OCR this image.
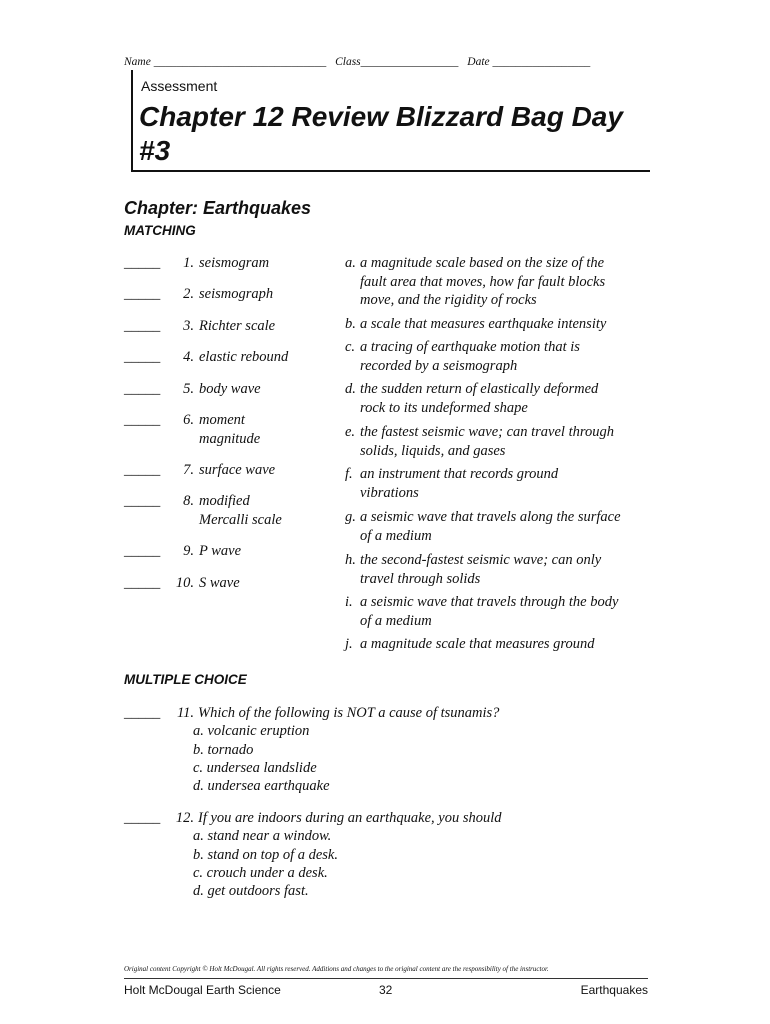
Name ______________________________ Class_________________ Date _________________
Assessment
Chapter 12 Review Blizzard Bag Day #3
Chapter: Earthquakes
MATCHING
_____ 1. seismogram
_____ 2. seismograph
_____ 3. Richter scale
_____ 4. elastic rebound
_____ 5. body wave
_____ 6. moment
magnitude
_____ 7. surface wave
_____ 8. modified
Mercalli scale
_____ 9. P wave
_____ 10. S wave
a. a magnitude scale based on the size of the
fault area that moves, how far fault blocks
move, and the rigidity of rocks
b. a scale that measures earthquake intensity
c. a tracing of earthquake motion that is
recorded by a seismograph
d. the sudden return of elastically deformed
rock to its undeformed shape
e. the fastest seismic wave; can travel through
solids, liquids, and gases
f. an instrument that records ground
vibrations
g. a seismic wave that travels along the surface
of a medium
h. the second-fastest seismic wave; can only
travel through solids
i. a seismic wave that travels through the body
of a medium
j. a magnitude scale that measures ground
MULTIPLE CHOICE
_____ 11. Which of the following is NOT a cause of tsunamis?
a. volcanic eruption
b. tornado
c. undersea landslide
d. undersea earthquake
_____ 12. If you are indoors during an earthquake, you should
a. stand near a window.
b. stand on top of a desk.
c. crouch under a desk.
d. get outdoors fast.
Original content Copyright © Holt McDougal. All rights reserved. Additions and changes to the original content are the responsibility of the instructor.
Holt McDougal Earth Science	32	Earthquakes
